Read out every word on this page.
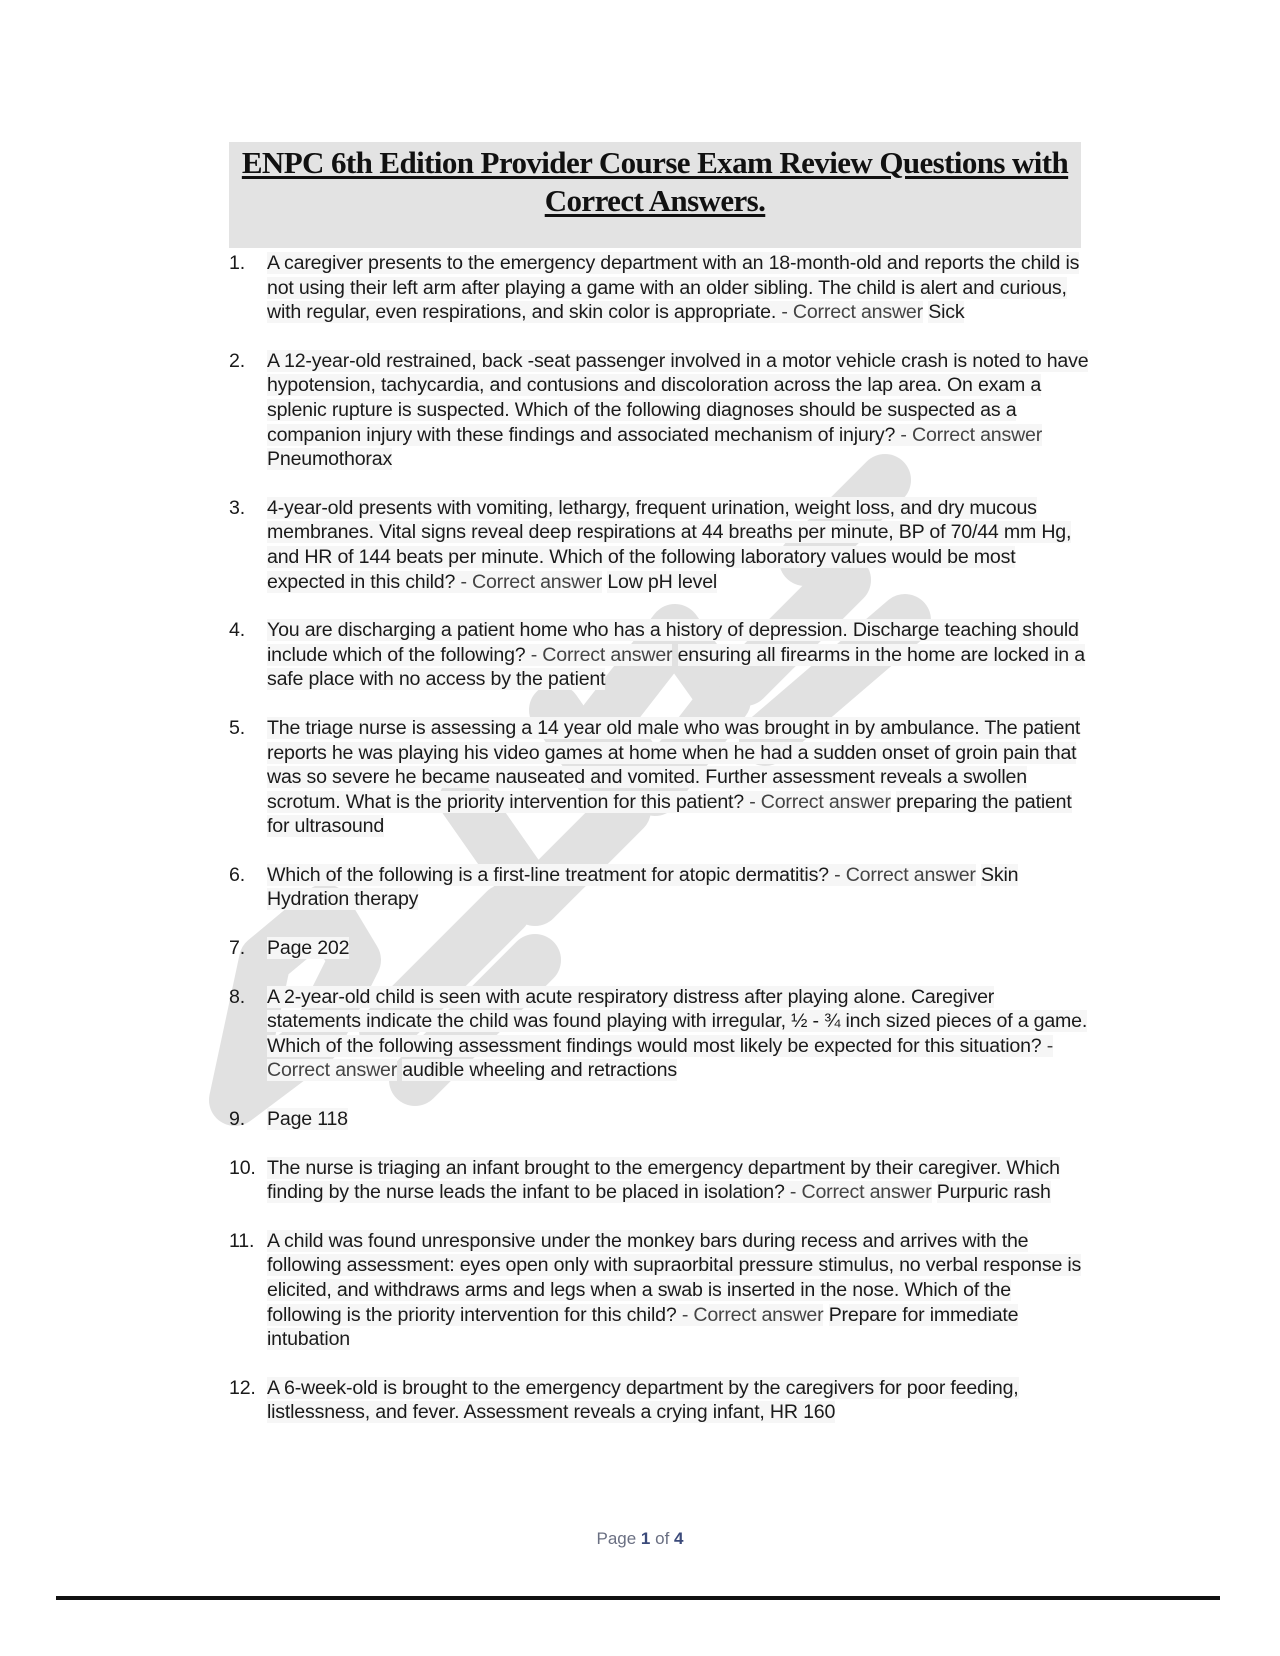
ENPC 6th Edition Provider Course Exam Review Questions with
Correct Answers.
1.	A caregiver presents to the emergency department with an 18-month-old and reports the child is not using their left arm after playing a game with an older sibling. The child is alert and curious, with regular, even respirations, and skin color is appropriate. - Correct answer Sick
2.	A 12-year-old restrained, back -seat passenger involved in a motor vehicle crash is noted to have hypotension, tachycardia, and contusions and discoloration across the lap area. On exam a splenic rupture is suspected. Which of the following diagnoses should be suspected as a companion injury with these findings and associated mechanism of injury? - Correct answer Pneumothorax
3.	4-year-old presents with vomiting, lethargy, frequent urination, weight loss, and dry mucous membranes. Vital signs reveal deep respirations at 44 breaths per minute, BP of 70/44 mm Hg, and HR of 144 beats per minute. Which of the following laboratory values would be most expected in this child? - Correct answer Low pH level
4.	You are discharging a patient home who has a history of depression. Discharge teaching should include which of the following? - Correct answer ensuring all firearms in the home are locked in a safe place with no access by the patient
5.	The triage nurse is assessing a 14 year old male who was brought in by ambulance. The patient reports he was playing his video games at home when he had a sudden onset of groin pain that was so severe he became nauseated and vomited. Further assessment reveals a swollen scrotum. What is the priority intervention for this patient? - Correct answer preparing the patient for ultrasound
6.	Which of the following is a first-line treatment for atopic dermatitis? - Correct answer Skin Hydration therapy
7.	Page 202
8.	A 2-year-old child is seen with acute respiratory distress after playing alone. Caregiver statements indicate the child was found playing with irregular, ½ - ¾ inch sized pieces of a game. Which of the following assessment findings would most likely be expected for this situation? - Correct answer audible wheeling and retractions
9.	Page 118
10. The nurse is triaging an infant brought to the emergency department by their caregiver. Which finding by the nurse leads the infant to be placed in isolation? - Correct answer Purpuric rash
11. A child was found unresponsive under the monkey bars during recess and arrives with the following assessment: eyes open only with supraorbital pressure stimulus, no verbal response is elicited, and withdraws arms and legs when a swab is inserted in the nose. Which of the following is the priority intervention for this child? - Correct answer Prepare for immediate intubation
12. A 6-week-old is brought to the emergency department by the caregivers for poor feeding, listlessness, and fever. Assessment reveals a crying infant, HR 160
Page 1 of 4
